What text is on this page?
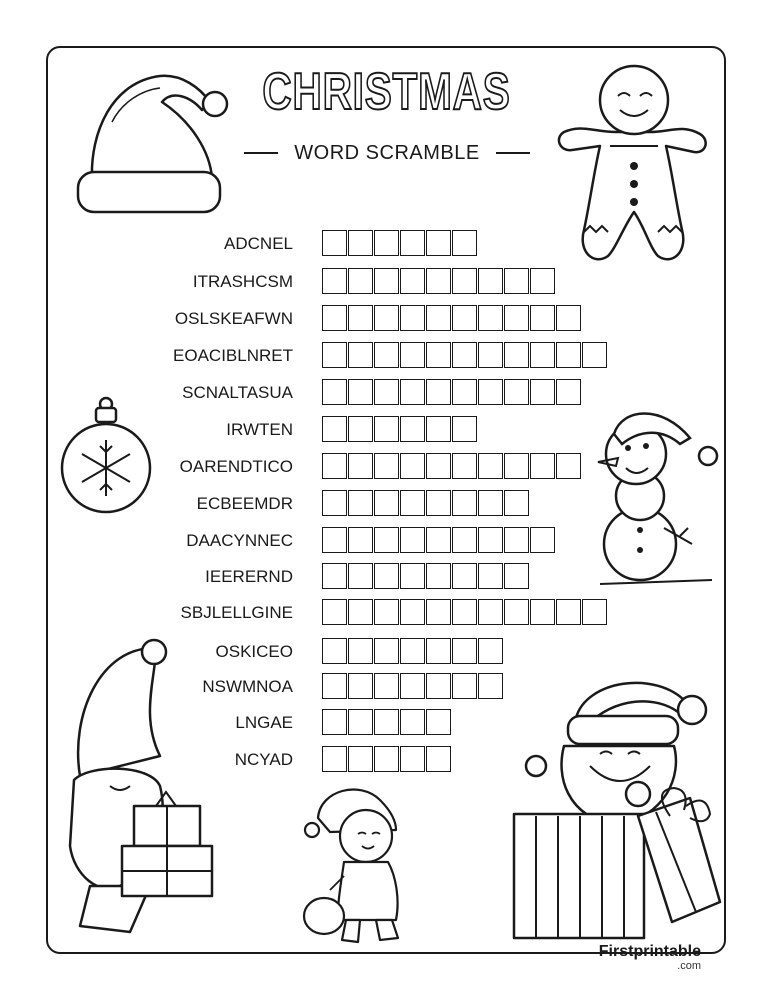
CHRISTMAS
WORD SCRAMBLE
ADCNEL
ITRASHCSM
OSLSKEAFWN
EOACIBLNRET
SCNALTASUA
IRWTEN
OARENDTICO
ECBEEMDR
DAACYNNEC
IEERERND
SBJLELLGINE
OSKICEO
NSWMNOA
LNGAE
NCYAD
Firstprintable
.com
